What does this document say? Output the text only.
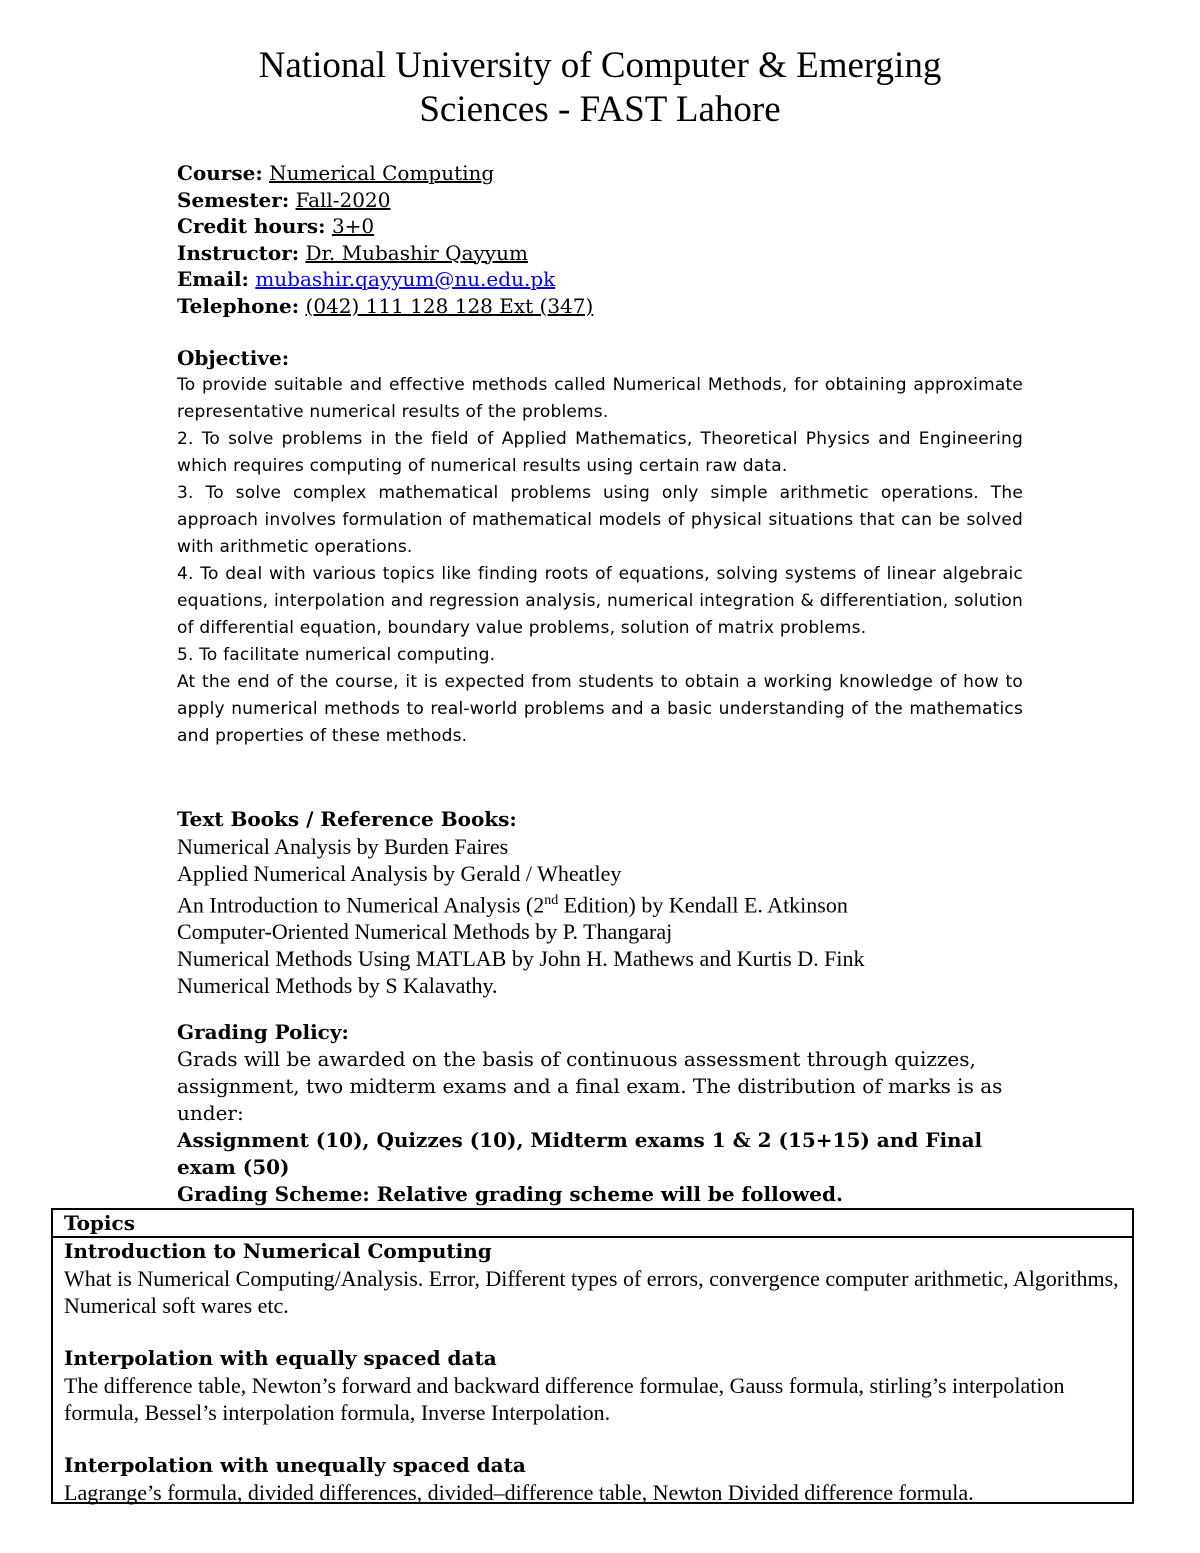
National University of Computer & Emerging
Sciences - FAST Lahore
Course: Numerical Computing
Semester: Fall-2020
Credit hours: 3+0
Instructor: Dr. Mubashir Qayyum
Email: mubashir.qayyum@nu.edu.pk
Telephone: (042) 111 128 128 Ext (347)
Objective:

To provide suitable and effective methods called Numerical Methods, for obtaining approximate representative numerical results of the problems.

2. To solve problems in the field of Applied Mathematics, Theoretical Physics and Engineering which requires computing of numerical results using certain raw data.

3. To solve complex mathematical problems using only simple arithmetic operations. The approach involves formulation of mathematical models of physical situations that can be solved with arithmetic operations.

4. To deal with various topics like finding roots of equations, solving systems of linear algebraic equations, interpolation and regression analysis, numerical integration & differentiation, solution of differential equation, boundary value problems, solution of matrix problems.

5. To facilitate numerical computing.

At the end of the course, it is expected from students to obtain a working knowledge of how to apply numerical methods to real-world problems and a basic understanding of the mathematics and properties of these methods.

Text Books / Reference Books:

Numerical Analysis by Burden Faires

Applied Numerical Analysis by Gerald / Wheatley

An Introduction to Numerical Analysis (2nd Edition) by Kendall E. Atkinson

Computer-Oriented Numerical Methods by P. Thangaraj

Numerical Methods Using MATLAB by John H. Mathews and Kurtis D. Fink

Numerical Methods by S Kalavathy.

Grading Policy:

Grads will be awarded on the basis of continuous assessment through quizzes, assignment, two midterm exams and a final exam. The distribution of marks is as under:

Assignment (10), Quizzes (10), Midterm exams 1 & 2 (15+15) and Final exam (50)

Grading Scheme: Relative grading scheme will be followed.

Topics
Introduction to Numerical Computing

What is Numerical Computing/Analysis. Error, Different types of errors, convergence computer arithmetic, Algorithms, Numerical soft wares etc.

Interpolation with equally spaced data

The difference table, Newton’s forward and backward difference formulae, Gauss formula, stirling’s interpolation formula, Bessel’s interpolation formula, Inverse Interpolation.

Interpolation with unequally spaced data

Lagrange’s formula, divided differences, divided–difference table, Newton Divided difference formula.
